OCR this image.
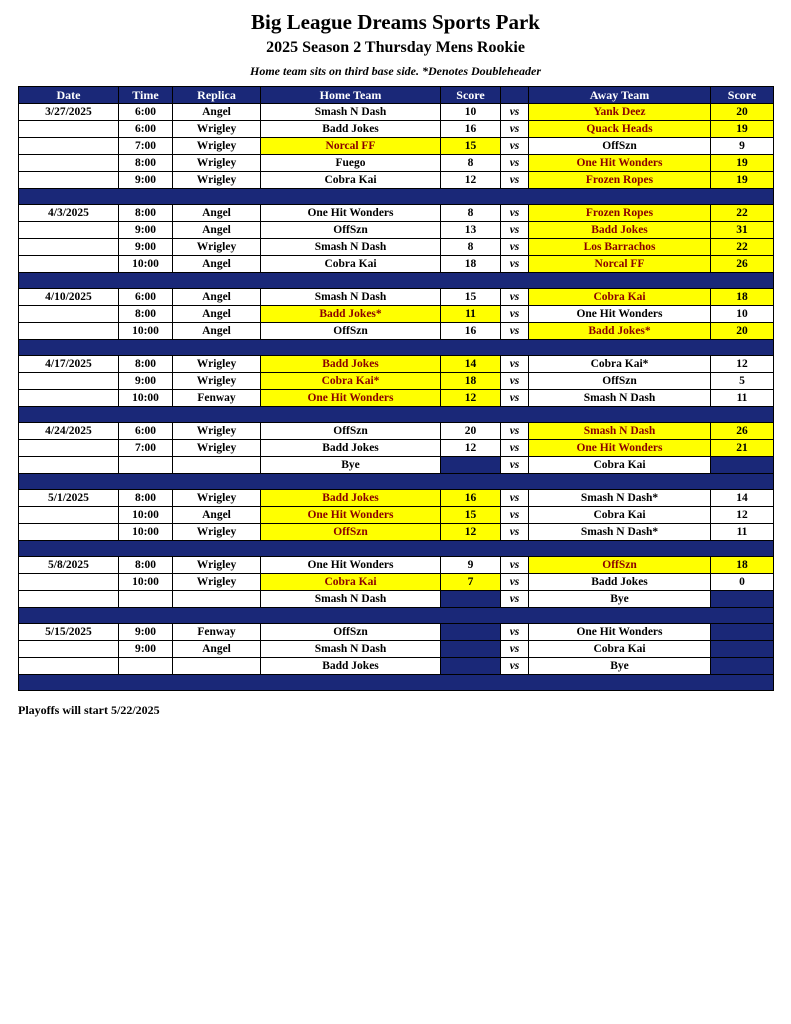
Big League Dreams Sports Park
2025 Season 2 Thursday Mens Rookie
Home team sits on third base side. *Denotes Doubleheader
Date	Time	Replica	Home Team	Score		Away Team	Score
3/27/2025	6:00	Angel	Smash N Dash	10	vs	Yank Deez	20
	6:00	Wrigley	Badd Jokes	16	vs	Quack Heads	19
	7:00	Wrigley	Norcal FF	15	vs	OffSzn	9
	8:00	Wrigley	Fuego	8	vs	One Hit Wonders	19
	9:00	Wrigley	Cobra Kai	12	vs	Frozen Ropes	19

4/3/2025	8:00	Angel	One Hit Wonders	8	vs	Frozen Ropes	22
	9:00	Angel	OffSzn	13	vs	Badd Jokes	31
	9:00	Wrigley	Smash N Dash	8	vs	Los Barrachos	22
	10:00	Angel	Cobra Kai	18	vs	Norcal FF	26

4/10/2025	6:00	Angel	Smash N Dash	15	vs	Cobra Kai	18
	8:00	Angel	Badd Jokes*	11	vs	One Hit Wonders	10
	10:00	Angel	OffSzn	16	vs	Badd Jokes*	20

4/17/2025	8:00	Wrigley	Badd Jokes	14	vs	Cobra Kai*	12
	9:00	Wrigley	Cobra Kai*	18	vs	OffSzn	5
	10:00	Fenway	One Hit Wonders	12	vs	Smash N Dash	11

4/24/2025	6:00	Wrigley	OffSzn	20	vs	Smash N Dash	26
	7:00	Wrigley	Badd Jokes	12	vs	One Hit Wonders	21
			Bye		vs	Cobra Kai	

5/1/2025	8:00	Wrigley	Badd Jokes	16	vs	Smash N Dash*	14
	10:00	Angel	One Hit Wonders	15	vs	Cobra Kai	12
	10:00	Wrigley	OffSzn	12	vs	Smash N Dash*	11

5/8/2025	8:00	Wrigley	One Hit Wonders	9	vs	OffSzn	18
	10:00	Wrigley	Cobra Kai	7	vs	Badd Jokes	0
			Smash N Dash		vs	Bye	

5/15/2025	9:00	Fenway	OffSzn		vs	One Hit Wonders	
	9:00	Angel	Smash N Dash		vs	Cobra Kai	
			Badd Jokes		vs	Bye	

Playoffs will start 5/22/2025
